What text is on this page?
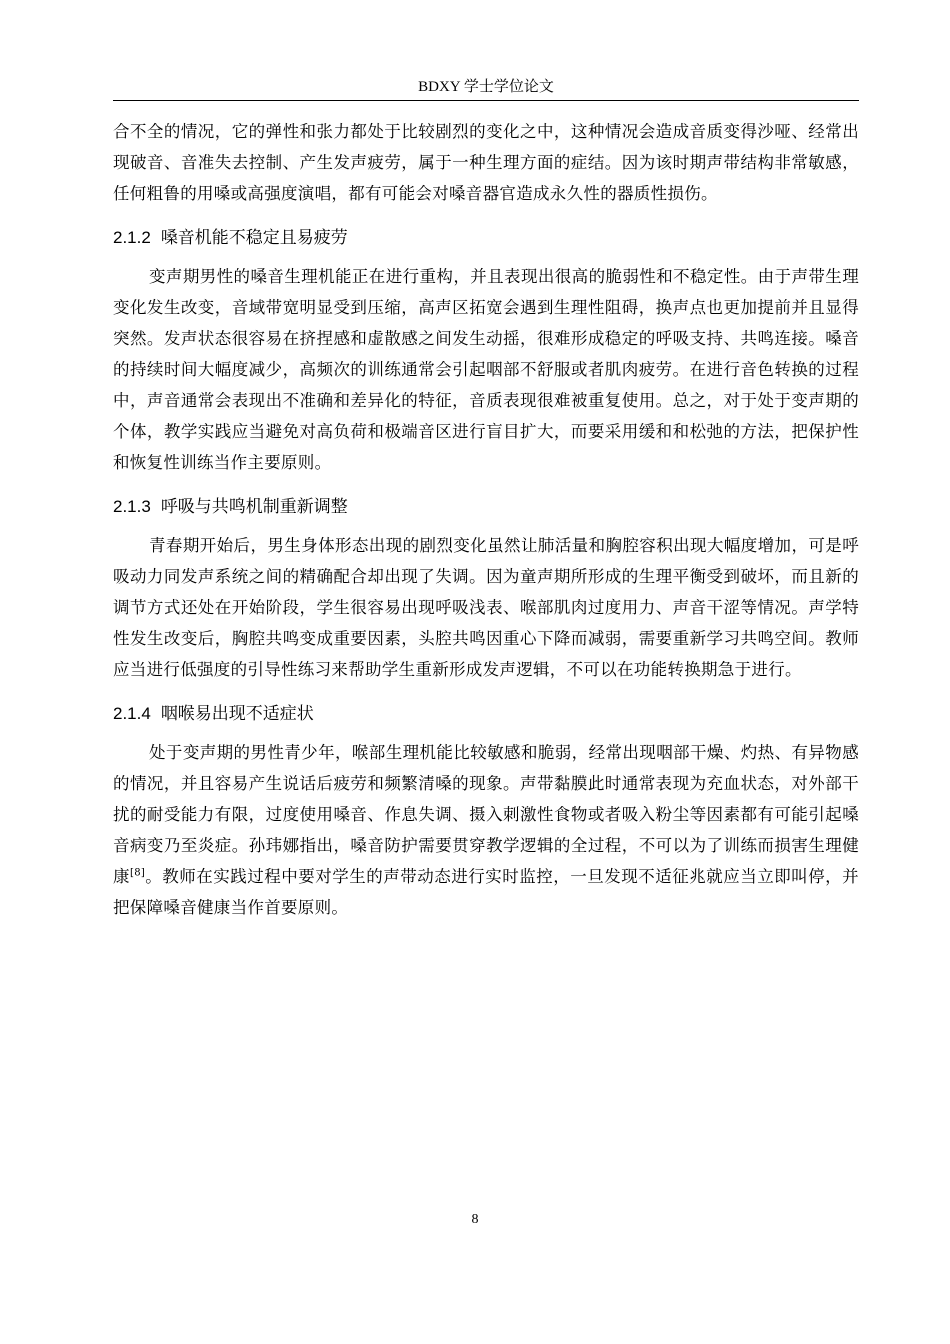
BDXY 学士学位论文

合不全的情况，它的弹性和张力都处于比较剧烈的变化之中，这种情况会造成音质变得沙哑、经常出现破音、音准失去控制、产生发声疲劳，属于一种生理方面的症结。因为该时期声带结构非常敏感，任何粗鲁的用嗓或高强度演唱，都有可能会对嗓音器官造成永久性的器质性损伤。

2.1.2 嗓音机能不稳定且易疲劳

变声期男性的嗓音生理机能正在进行重构，并且表现出很高的脆弱性和不稳定性。由于声带生理变化发生改变，音域带宽明显受到压缩，高声区拓宽会遇到生理性阻碍，换声点也更加提前并且显得突然。发声状态很容易在挤捏感和虚散感之间发生动摇，很难形成稳定的呼吸支持、共鸣连接。嗓音的持续时间大幅度减少，高频次的训练通常会引起咽部不舒服或者肌肉疲劳。在进行音色转换的过程中，声音通常会表现出不准确和差异化的特征，音质表现很难被重复使用。总之，对于处于变声期的个体，教学实践应当避免对高负荷和极端音区进行盲目扩大，而要采用缓和和松弛的方法，把保护性和恢复性训练当作主要原则。

2.1.3 呼吸与共鸣机制重新调整

青春期开始后，男生身体形态出现的剧烈变化虽然让肺活量和胸腔容积出现大幅度增加，可是呼吸动力同发声系统之间的精确配合却出现了失调。因为童声期所形成的生理平衡受到破坏，而且新的调节方式还处在开始阶段，学生很容易出现呼吸浅表、喉部肌肉过度用力、声音干涩等情况。声学特性发生改变后，胸腔共鸣变成重要因素，头腔共鸣因重心下降而减弱，需要重新学习共鸣空间。教师应当进行低强度的引导性练习来帮助学生重新形成发声逻辑，不可以在功能转换期急于进行。

2.1.4 咽喉易出现不适症状

处于变声期的男性青少年，喉部生理机能比较敏感和脆弱，经常出现咽部干燥、灼热、有异物感的情况，并且容易产生说话后疲劳和频繁清嗓的现象。声带黏膜此时通常表现为充血状态，对外部干扰的耐受能力有限，过度使用嗓音、作息失调、摄入刺激性食物或者吸入粉尘等因素都有可能引起嗓音病变乃至炎症。孙玮娜指出，嗓音防护需要贯穿教学逻辑的全过程，不可以为了训练而损害生理健康[8]。教师在实践过程中要对学生的声带动态进行实时监控，一旦发现不适征兆就应当立即叫停，并把保障嗓音健康当作首要原则。

8
